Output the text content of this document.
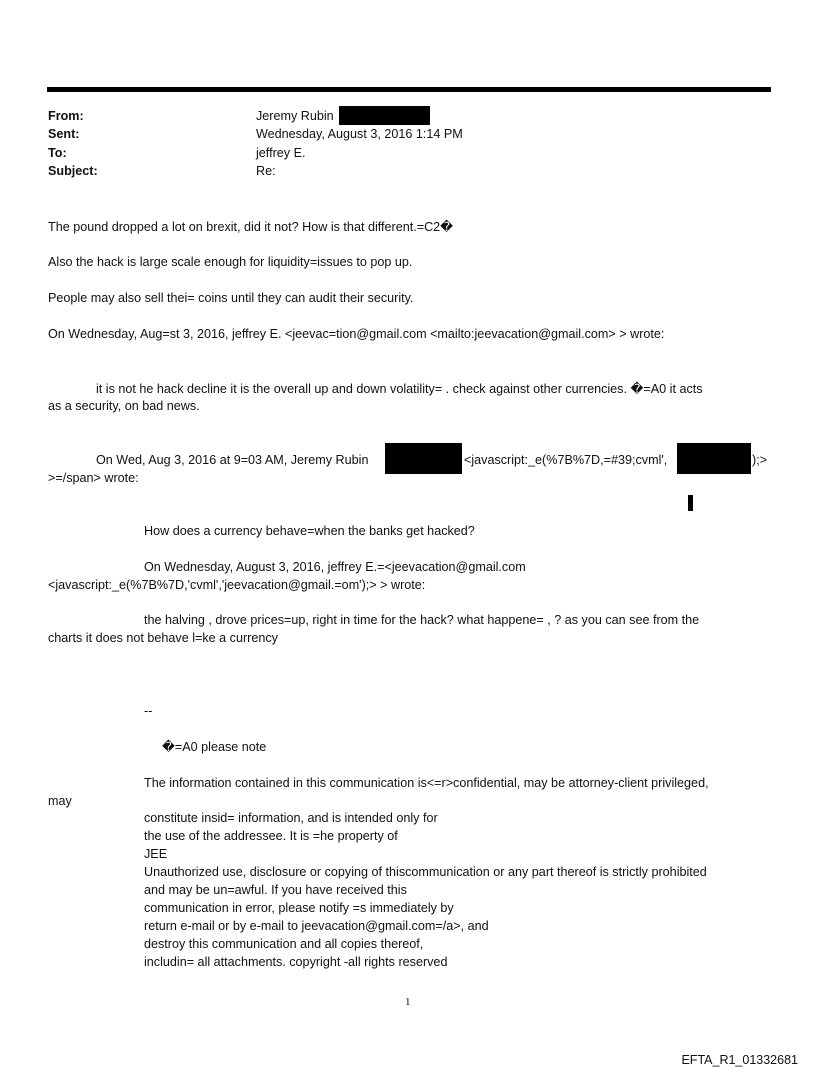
From:	Jeremy Rubin
Sent:	Wednesday, August 3, 2016 1:14 PM
To:	jeffrey E.
Subject:	Re:
The pound dropped a lot on brexit, did it not? How is that different.=C2�
Also the hack is large scale enough for liquidity=issues to pop up.
People may also sell thei= coins until they can audit their security.
On Wednesday, Aug=st 3, 2016, jeffrey E. <jeevac=tion@gmail.com <mailto:jeevacation@gmail.com> > wrote:
it is not he hack decline it is the overall up and down volatility= . check against other currencies. �=A0 it acts
as a security, on bad news.
On Wed, Aug 3, 2016 at 9=03 AM, Jeremy Rubin	<javascript:_e(%7B%7D,=#39;cvml',	);>
>=/span> wrote:
How does a currency behave=when the banks get hacked?
On Wednesday, August 3, 2016, jeffrey E.=<jeevacation@gmail.com
<javascript:_e(%7B%7D,'cvml','jeevacation@gmail.=om');> > wrote:
the halving , drove prices=up, right in time for the hack? what happene= , ? as you can see from the
charts it does not behave l=ke a currency
--
�=A0 please note
The information contained in this communication is<=r>confidential, may be attorney-client privileged,
may
constitute insid= information, and is intended only for
the use of the addressee. It is =he property of
JEE
Unauthorized use, disclosure or copying of thiscommunication or any part thereof is strictly prohibited
and may be un=awful. If you have received this
communication in error, please notify =s immediately by
return e-mail or by e-mail to jeevacation@gmail.com=/a>, and
destroy this communication and all copies thereof,
includin= all attachments. copyright -all rights reserved
1
EFTA_R1_01332681
